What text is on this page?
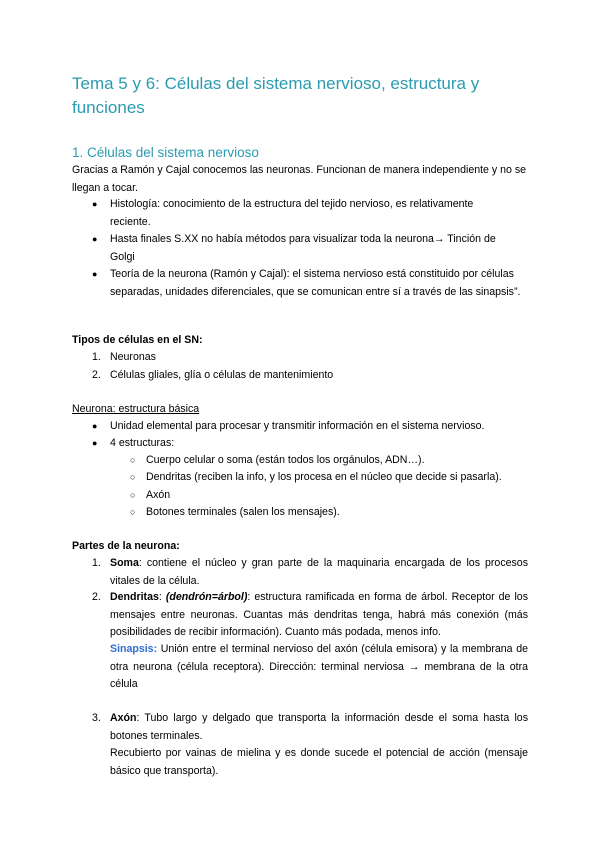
Tema 5 y 6: Células del sistema nervioso, estructura y funciones
1. Células del sistema nervioso
Gracias a Ramón y Cajal conocemos las neuronas. Funcionan de manera independiente y no se llegan a tocar.
● Histología: conocimiento de la estructura del tejido nervioso, es relativamente reciente.
● Hasta finales S.XX no había métodos para visualizar toda la neurona→ Tinción de Golgi
● Teoría de la neurona (Ramón y Cajal): el sistema nervioso está constituido por células separadas, unidades diferenciales, que se comunican entre sí a través de las sinapsis”.
Tipos de células en el SN:
1. Neuronas
2. Células gliales, glía o células de mantenimiento
Neurona: estructura básica
● Unidad elemental para procesar y transmitir información en el sistema nervioso.
● 4 estructuras:
○ Cuerpo celular o soma (están todos los orgánulos, ADN…).
○ Dendritas (reciben la info, y los procesa en el núcleo que decide si pasarla).
○ Axón
○ Botones terminales (salen los mensajes).
Partes de la neurona:
1. Soma: contiene el núcleo y gran parte de la maquinaria encargada de los procesos vitales de la célula.
2. Dendritas: (dendrón=árbol): estructura ramificada en forma de árbol. Receptor de los mensajes entre neuronas. Cuantas más dendritas tenga, habrá más conexión (más posibilidades de recibir información). Cuanto más podada, menos info.
Sinapsis: Unión entre el terminal nervioso del axón (célula emisora) y la membrana de otra neurona (célula receptora). Dirección: terminal nerviosa → membrana de la otra célula
3. Axón: Tubo largo y delgado que transporta la información desde el soma hasta los botones terminales.
Recubierto por vainas de mielina y es donde sucede el potencial de acción (mensaje básico que transporta).
